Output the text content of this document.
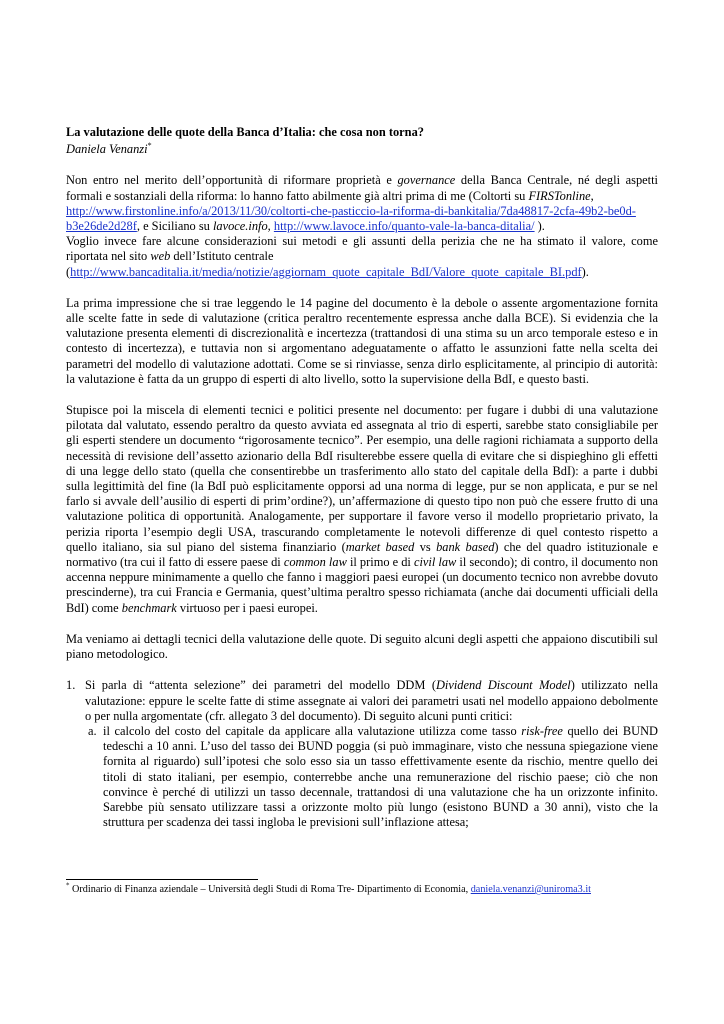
La valutazione delle quote della Banca d’Italia: che cosa non torna?

Daniela Venanzi*

Non entro nel merito dell’opportunità di riformare proprietà e governance della Banca Centrale, né degli aspetti formali e sostanziali della riforma: lo hanno fatto abilmente già altri prima di me (Coltorti su FIRSTonline,
http://www.firstonline.info/a/2013/11/30/coltorti-che-pasticcio-la-riforma-di-bankitalia/7da48817-2cfa-49b2-be0d-b3e26de2d28f, e Siciliano su lavoce.info, http://www.lavoce.info/quanto-vale-la-banca-ditalia/ ).
Voglio invece fare alcune considerazioni sui metodi e gli assunti della perizia che ne ha stimato il valore, come riportata nel sito web dell’Istituto centrale
(http://www.bancaditalia.it/media/notizie/aggiornam_quote_capitale_BdI/Valore_quote_capitale_BI.pdf).

La prima impressione che si trae leggendo le 14 pagine del documento è la debole o assente argomentazione fornita alle scelte fatte in sede di valutazione (critica peraltro recentemente espressa anche dalla BCE). Si evidenzia che la valutazione presenta elementi di discrezionalità e incertezza (trattandosi di una stima su un arco temporale esteso e in contesto di incertezza), e tuttavia non si argomentano adeguatamente o affatto le assunzioni fatte nella scelta dei parametri del modello di valutazione adottati. Come se si rinviasse, senza dirlo esplicitamente, al principio di autorità: la valutazione è fatta da un gruppo di esperti di alto livello, sotto la supervisione della BdI, e questo basti.

Stupisce poi la miscela di elementi tecnici e politici presente nel documento: per fugare i dubbi di una valutazione pilotata dal valutato, essendo peraltro da questo avviata ed assegnata al trio di esperti, sarebbe stato consigliabile per gli esperti stendere un documento “rigorosamente tecnico”. Per esempio, una delle ragioni richiamata a supporto della necessità di revisione dell’assetto azionario della BdI risulterebbe essere quella di evitare che si dispieghino gli effetti di una legge dello stato (quella che consentirebbe un trasferimento allo stato del capitale della BdI): a parte i dubbi sulla legittimità del fine (la BdI può esplicitamente opporsi ad una norma di legge, pur se non applicata, e pur se nel farlo si avvale dell’ausilio di esperti di prim’ordine?), un’affermazione di questo tipo non può che essere frutto di una valutazione politica di opportunità. Analogamente, per supportare il favore verso il modello proprietario privato, la perizia riporta l’esempio degli USA, trascurando completamente le notevoli differenze di quel contesto rispetto a quello italiano, sia sul piano del sistema finanziario (market based vs bank based) che del quadro istituzionale e normativo (tra cui il fatto di essere paese di common law il primo e di civil law il secondo); di contro, il documento non accenna neppure minimamente a quello che fanno i maggiori paesi europei (un documento tecnico non avrebbe dovuto prescinderne), tra cui Francia e Germania, quest’ultima peraltro spesso richiamata (anche dai documenti ufficiali della BdI) come benchmark virtuoso per i paesi europei.

Ma veniamo ai dettagli tecnici della valutazione delle quote. Di seguito alcuni degli aspetti che appaiono discutibili sul piano metodologico.

1. Si parla di “attenta selezione” dei parametri del modello DDM (Dividend Discount Model) utilizzato nella valutazione: eppure le scelte fatte di stime assegnate ai valori dei parametri usati nel modello appaiono debolmente o per nulla argomentate (cfr. allegato 3 del documento). Di seguito alcuni punti critici:
a. il calcolo del costo del capitale da applicare alla valutazione utilizza come tasso risk-free quello dei BUND tedeschi a 10 anni. L’uso del tasso dei BUND poggia (si può immaginare, visto che nessuna spiegazione viene fornita al riguardo) sull’ipotesi che solo esso sia un tasso effettivamente esente da rischio, mentre quello dei titoli di stato italiani, per esempio, conterrebbe anche una remunerazione del rischio paese; ciò che non convince è perché di utilizzi un tasso decennale, trattandosi di una valutazione che ha un orizzonte infinito. Sarebbe più sensato utilizzare tassi a orizzonte molto più lungo (esistono BUND a 30 anni), visto che la struttura per scadenza dei tassi ingloba le previsioni sull’inflazione attesa;
* Ordinario di Finanza aziendale – Università degli Studi di Roma Tre- Dipartimento di Economia, daniela.venanzi@uniroma3.it
